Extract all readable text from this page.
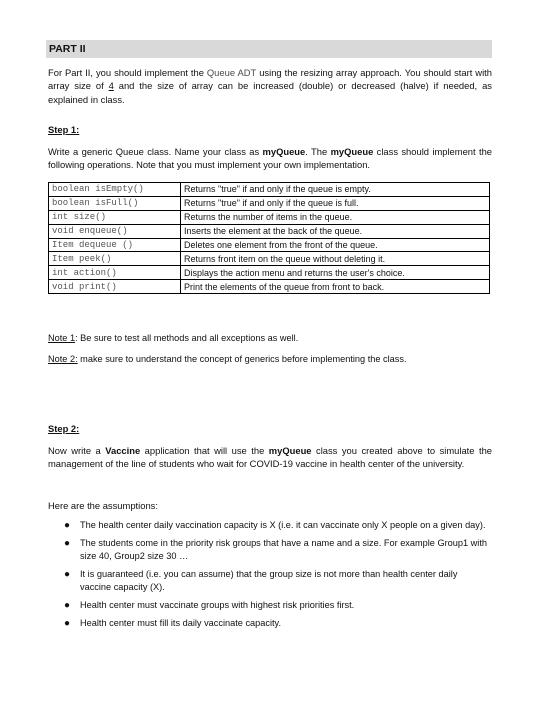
PART II
For Part II, you should implement the Queue ADT using the resizing array approach. You should start with array size of 4 and the size of array can be increased (double) or decreased (halve) if needed, as explained in class.
Step 1:
Write a generic Queue class. Name your class as myQueue. The myQueue class should implement the following operations. Note that you must implement your own implementation.
boolean isEmpty()	Returns "true" if and only if the queue is empty.
boolean isFull()	Returns "true" if and only if the queue is full.
int size()	Returns the number of items in the queue.
void enqueue()	Inserts the element at the back of the queue.
Item dequeue ()	Deletes one element from the front of the queue.
Item peek()	Returns front item on the queue without deleting it.
int action()	Displays the action menu and returns the user's choice.
void print()	Print the elements of the queue from front to back.
Note 1: Be sure to test all methods and all exceptions as well.
Note 2: make sure to understand the concept of generics before implementing the class.
Step 2:
Now write a Vaccine application that will use the myQueue class you created above to simulate the management of the line of students who wait for COVID-19 vaccine in health center of the university.
Here are the assumptions:
● The health center daily vaccination capacity is X (i.e. it can vaccinate only X people on a given day).
● The students come in the priority risk groups that have a name and a size. For example Group1 with size 40, Group2 size 30 …
● It is guaranteed (i.e. you can assume) that the group size is not more than health center daily vaccine capacity (X).
● Health center must vaccinate groups with highest risk priorities first.
● Health center must fill its daily vaccinate capacity.
